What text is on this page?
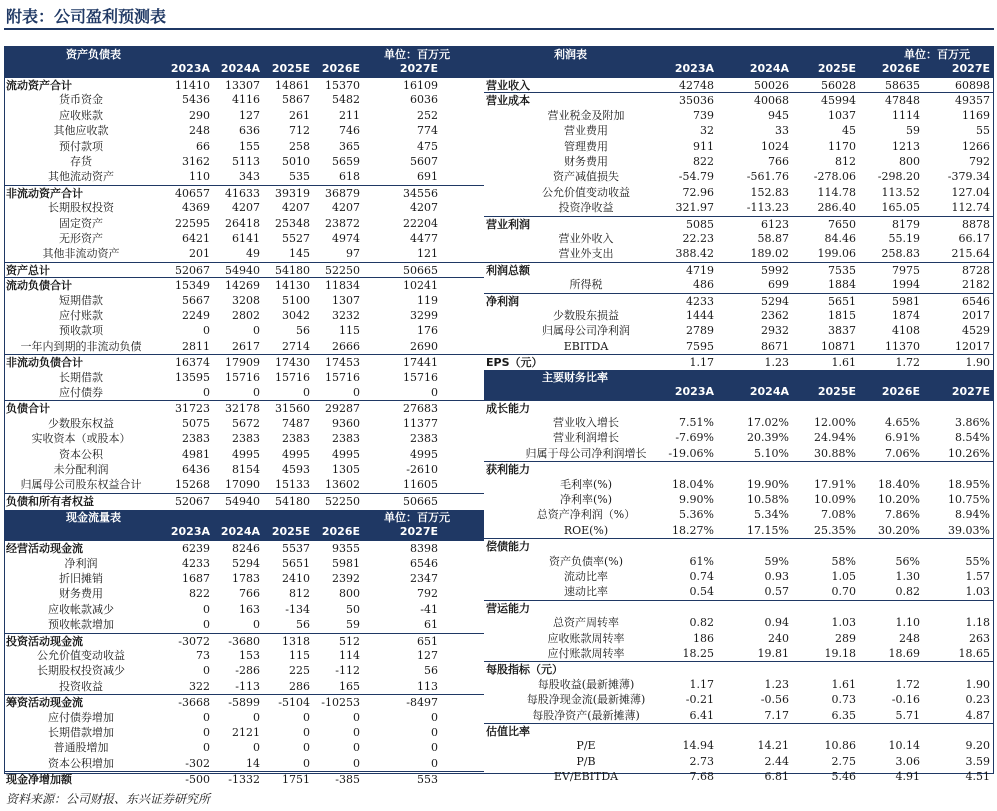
附表：公司盈利预测表
资产负债表	单位：百万元
2023A 2024A	2025E	2026E	2027E
流动资产合计	11410	13307	14861	15370	16109
货币资金	5436	4116	5867	5482	6036
应收账款	290	127	261	211	252
其他应收款	248	636	712	746	774
预付款项	66	155	258	365	475
存货	3162	5113	5010	5659	5607
其他流动资产	110	343	535	618	691
非流动资产合计	40657	41633	39319	36879	34556
长期股权投资	4369	4207	4207	4207	4207
固定资产	22595	26418	25348	23872	22204
无形资产	6421	6141	5527	4974	4477
其他非流动资产	201	49	145	97	121
资产总计	52067	54940	54180	52250	50665
流动负债合计	15349	14269	14130	11834	10241
短期借款	5667	3208	5100	1307	119
应付账款	2249	2802	3042	3232	3299
预收款项	0	0	56	115	176
一年内到期的非流动负债	2811	2617	2714	2666	2690
非流动负债合计	16374	17909	17430	17453	17441
长期借款	13595	15716	15716	15716	15716
应付债券	0	0	0	0	0
负债合计	31723	32178	31560	29287	27683
少数股东权益	5075	5672	7487	9360	11377
实收资本（或股本）	2383	2383	2383	2383	2383
资本公积	4981	4995	4995	4995	4995
未分配利润	6436	8154	4593	1305	-2610
归属母公司股东权益合计	15268	17090	15133	13602	11605
负债和所有者权益	52067	54940	54180	52250	50665
现金流量表	单位：百万元
2023A 2024A	2025E	2026E	2027E
经营活动现金流	6239	8246	5537	9355	8398
净利润	4233	5294	5651	5981	6546
折旧摊销	1687	1783	2410	2392	2347
财务费用	822	766	812	800	792
应收帐款减少	0	163	-134	50	-41
预收帐款增加	0	0	56	59	61
投资活动现金流	-3072	-3680	1318	512	651
公允价值变动收益	73	153	115	114	127
长期股权投资减少	0	-286	225	-112	56
投资收益	322	-113	286	165	113
筹资活动现金流	-3668	-5899	-5104	-10253	-8497
应付债券增加	0	0	0	0	0
长期借款增加	0	2121	0	0	0
普通股增加	0	0	0	0	0
资本公积增加	-302	14	0	0	0
现金净增加额	-500	-1332	1751	-385	553
利润表	单位：百万元
2023A	2024A	2025E	2026E	2027E
营业收入	42748	50026	56028	58635	60898
营业成本	35036	40068	45994	47848	49357
营业税金及附加	739	945	1037	1114	1169
营业费用	32	33	45	59	55
管理费用	911	1024	1170	1213	1266
财务费用	822	766	812	800	792
资产减值损失	-54.79	-561.76	-278.06	-298.20	-379.34
公允价值变动收益	72.96	152.83	114.78	113.52	127.04
投资净收益	321.97	-113.23	286.40	165.05	112.74
营业利润	5085	6123	7650	8179	8878
营业外收入	22.23	58.87	84.46	55.19	66.17
营业外支出	388.42	189.02	199.06	258.83	215.64
利润总额	4719	5992	7535	7975	8728
所得税	486	699	1884	1994	2182
净利润	4233	5294	5651	5981	6546
少数股东损益	1444	2362	1815	1874	2017
归属母公司净利润	2789	2932	3837	4108	4529
EBITDA	7595	8671	10871	11370	12017
EPS（元）	1.17	1.23	1.61	1.72	1.90
主要财务比率
2023A	2024A	2025E	2026E	2027E
成长能力
营业收入增长	7.51%	17.02%	12.00%	4.65%	3.86%
营业利润增长	-7.69%	20.39%	24.94%	6.91%	8.54%
归属于母公司净利润增长	-19.06%	5.10%	30.88%	7.06%	10.26%
获利能力
毛利率(%)	18.04%	19.90%	17.91%	18.40%	18.95%
净利率(%)	9.90%	10.58%	10.09%	10.20%	10.75%
总资产净利润（%）	5.36%	5.34%	7.08%	7.86%	8.94%
ROE(%)	18.27%	17.15%	25.35%	30.20%	39.03%
偿债能力
资产负债率(%)	61%	59%	58%	56%	55%
流动比率	0.74	0.93	1.05	1.30	1.57
速动比率	0.54	0.57	0.70	0.82	1.03
营运能力
总资产周转率	0.82	0.94	1.03	1.10	1.18
应收账款周转率	186	240	289	248	263
应付账款周转率	18.25	19.81	19.18	18.69	18.65
每股指标（元）
每股收益(最新摊薄)	1.17	1.23	1.61	1.72	1.90
每股净现金流(最新摊薄)	-0.21	-0.56	0.73	-0.16	0.23
每股净资产(最新摊薄)	6.41	7.17	6.35	5.71	4.87
估值比率
P/E	14.94	14.21	10.86	10.14	9.20
P/B	2.73	2.44	2.75	3.06	3.59
EV/EBITDA	7.68	6.81	5.46	4.91	4.51
资料来源：公司财报、东兴证券研究所
